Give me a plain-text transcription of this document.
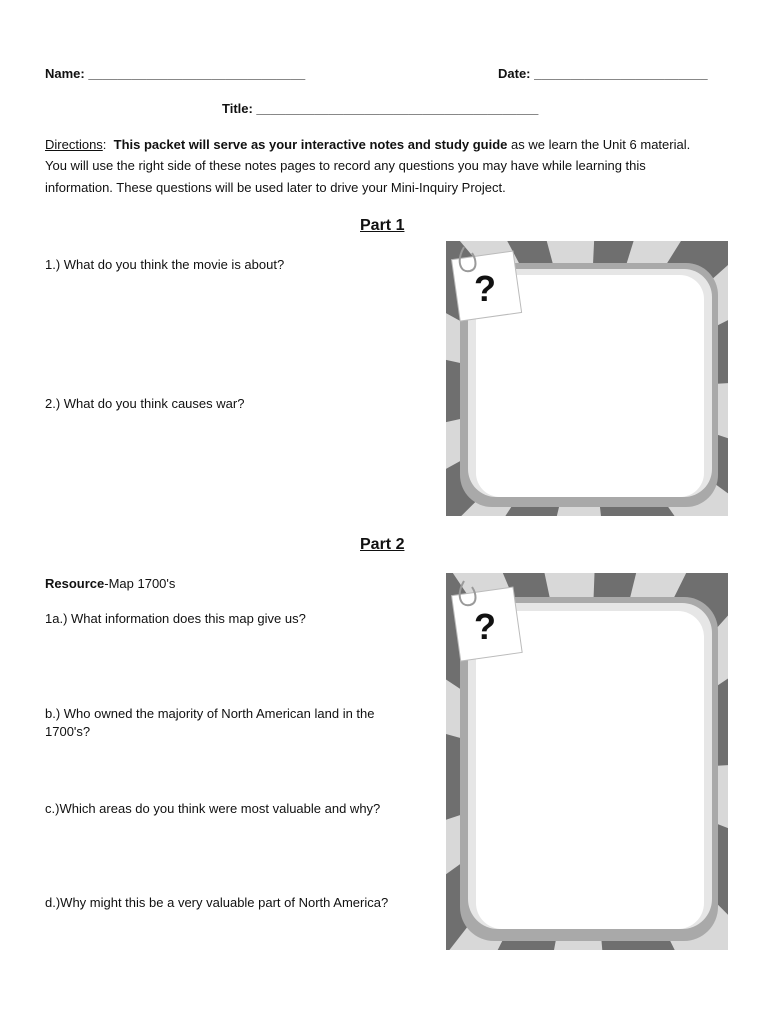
Name: ______________________________	Date: ________________________
Title: _______________________________________
Directions: This packet will serve as your interactive notes and study guide as we learn the Unit 6 material.
You will use the right side of these notes pages to record any questions you may have while learning this
information. These questions will be used later to drive your Mini-Inquiry Project.
Part 1
1.) What do you think the movie is about?
2.) What do you think causes war?
?
Part 2
Resource-Map 1700's
1a.) What information does this map give us?
b.) Who owned the majority of North American land in the
1700's?
c.)Which areas do you think were most valuable and why?
d.)Why might this be a very valuable part of North America?
?
